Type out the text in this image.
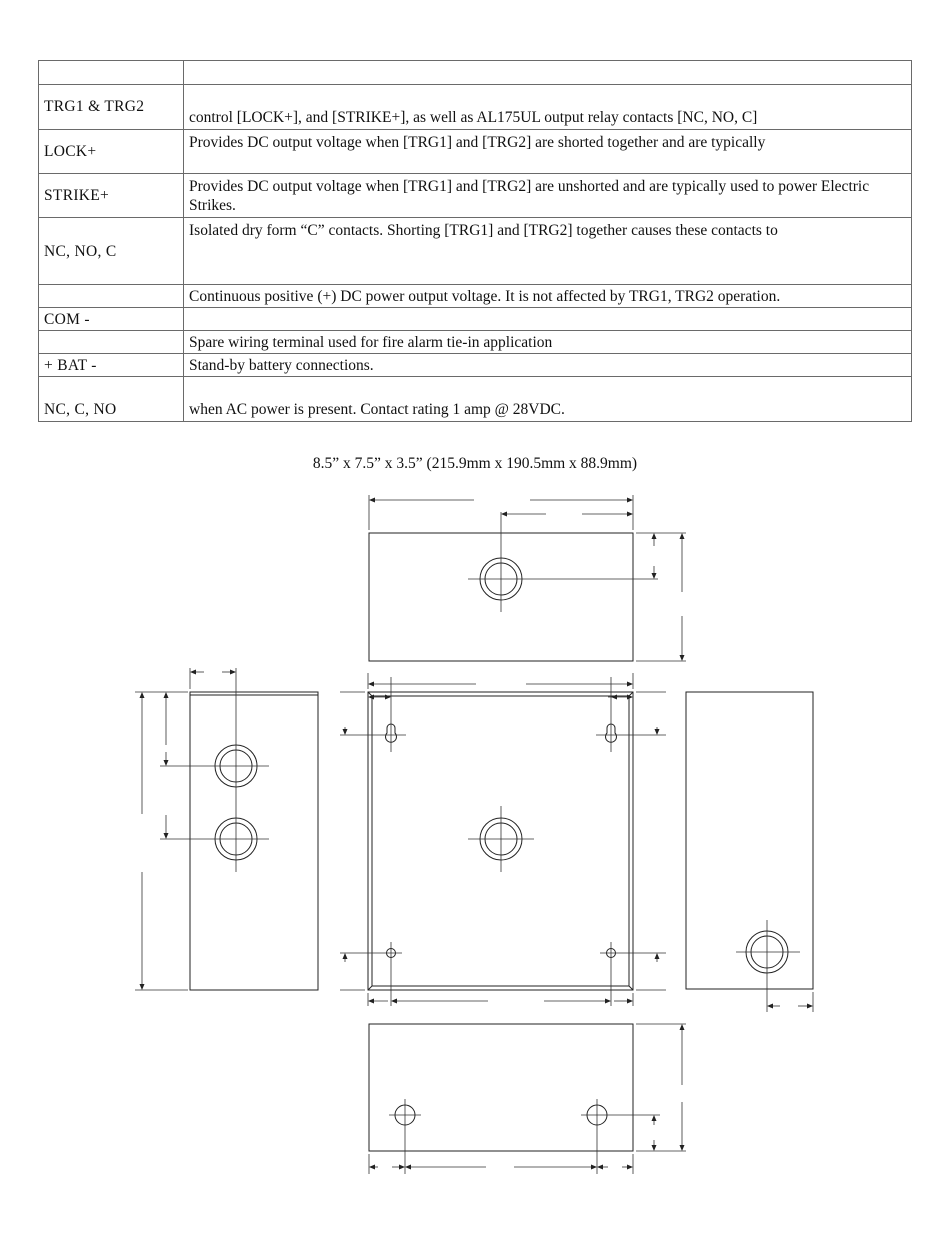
TRG1 & TRG2	control [LOCK+], and [STRIKE+], as well as AL175UL output relay contacts [NC, NO, C]
LOCK+	Provides DC output voltage when [TRG1] and [TRG2] are shorted together and are typically
STRIKE+	Provides DC output voltage when [TRG1] and [TRG2] are unshorted and are typically used to power Electric Strikes.
NC, NO, C	Isolated dry form “C” contacts. Shorting [TRG1] and [TRG2] together causes these contacts to
	Continuous positive (+) DC power output voltage. It is not affected by TRG1, TRG2 operation.
COM -	
	Spare wiring terminal used for fire alarm tie-in application
+ BAT -	Stand-by battery connections.
NC, C, NO	when AC power is present. Contact rating 1 amp @ 28VDC.
8.5” x 7.5” x 3.5” (215.9mm x 190.5mm x 88.9mm)
